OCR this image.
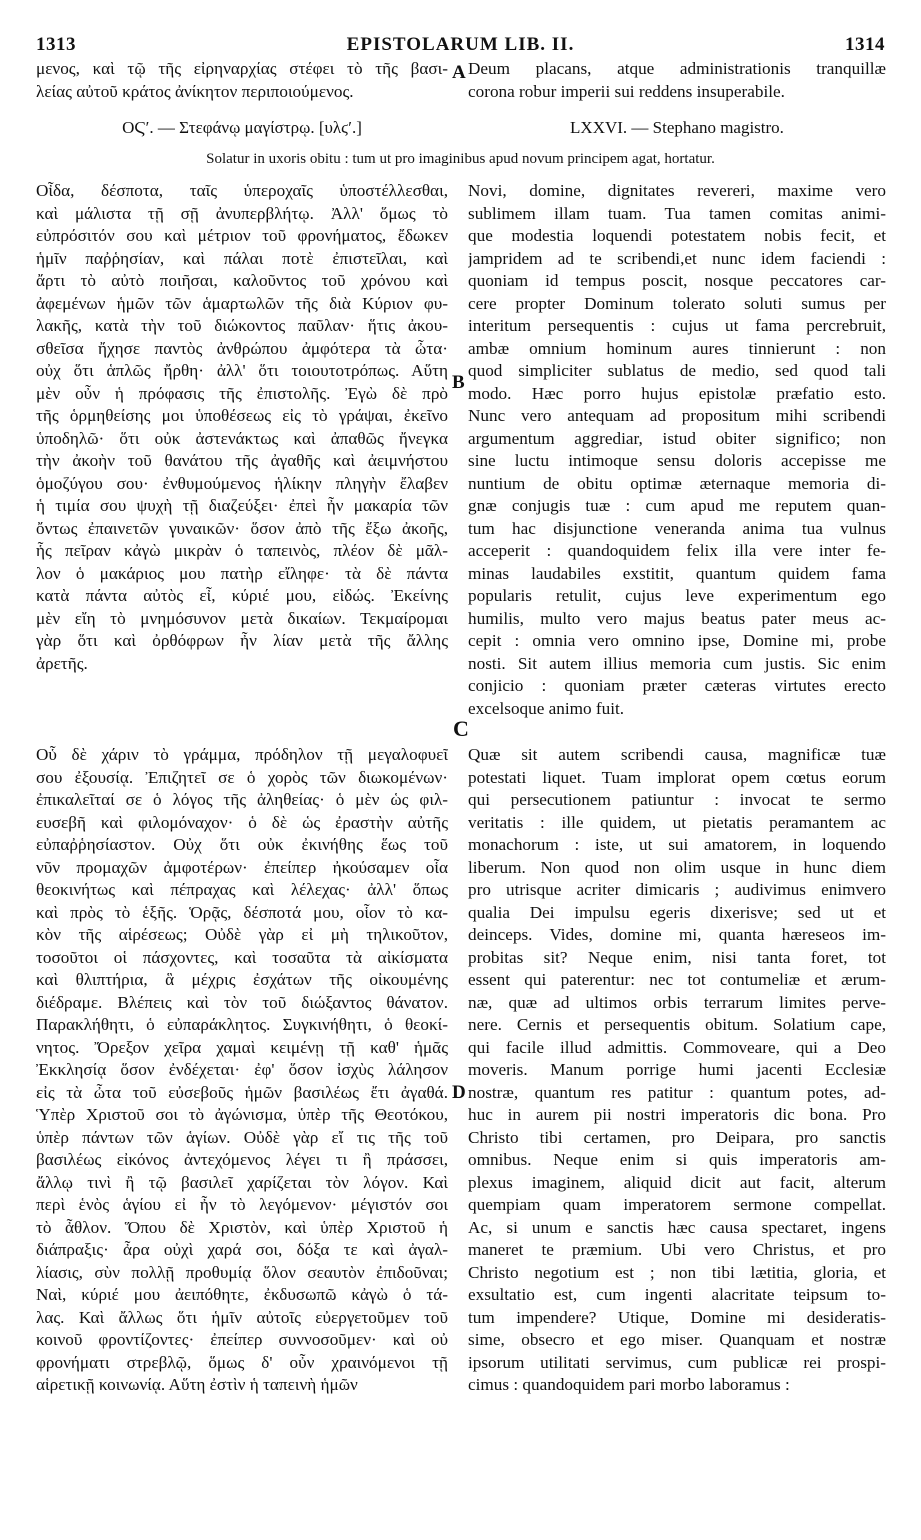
1313	EPISTOLARUM LIB. II.	1314
μενος, καὶ τῷ τῆς εἰρηναρχίας στέφει τὸ τῆς βασι-
λείας αὐτοῦ κράτος ἀνίκητον περιποιούμενος.
A Deum placans, atque administrationis tranquillæ
corona robur imperii sui reddens insuperabile.
ΟϚʹ. — Στεφάνῳ μαγίστρῳ. [υλϛʹ.]	LXXVI. — Stephano magistro.
Solatur in uxoris obitu : tum ut pro imaginibus apud novum principem agat, hortatur.
Οἶδα, δέσποτα, ταῖς ὑπεροχαῖς ὑποστέλλεσθαι,
καὶ μάλιστα τῇ σῇ ἀνυπερβλήτῳ. Ἀλλ' ὅμως τὸ
εὐπρόσιτόν σου καὶ μέτριον τοῦ φρονήματος, ἔδωκεν
ἡμῖν παῤῥησίαν, καὶ πάλαι ποτὲ ἐπιστεῖλαι, καὶ
ἄρτι τὸ αὐτὸ ποιῆσαι, καλοῦντος τοῦ χρόνου καὶ
ἀφεμένων ἡμῶν τῶν ἁμαρτωλῶν τῆς διὰ Κύριον φυ-
λακῆς, κατὰ τὴν τοῦ διώκοντος παῦλαν· ἥτις ἀκου-
σθεῖσα ἤχησε παντὸς ἀνθρώπου ἀμφότερα τὰ ὦτα·
οὐχ ὅτι ἁπλῶς ἤρθη· ἀλλ' ὅτι τοιουτοτρόπως. Αὕτη
μὲν οὖν ἡ πρόφασις τῆς ἐπιστολῆς. Ἐγὼ δὲ πρὸ
τῆς ὁρμηθείσης μοι ὑποθέσεως εἰς τὸ γράψαι, ἐκεῖνο
ὑποδηλῶ· ὅτι οὐκ ἀστενάκτως καὶ ἀπαθῶς ἤνεγκα
τὴν ἀκοὴν τοῦ θανάτου τῆς ἀγαθῆς καὶ ἀειμνήστου
ὁμοζύγου σου· ἐνθυμούμενος ἡλίκην πληγὴν ἔλαβεν
ἡ τιμία σου ψυχὴ τῇ διαζεύξει· ἐπεὶ ἦν μακαρία τῶν
ὄντως ἐπαινετῶν γυναικῶν· ὅσον ἀπὸ τῆς ἔξω ἀκοῆς,
ἧς πεῖραν κἀγὼ μικρὰν ὁ ταπεινὸς, πλέον δὲ μᾶλ-
λον ὁ μακάριος μου πατὴρ εἴληφε· τὰ δὲ πάντα
κατὰ πάντα αὐτὸς εἶ, κύριέ μου, εἰδώς. Ἐκείνης
μὲν εἴη τὸ μνημόσυνον μετὰ δικαίων. Τεκμαίρομαι
γὰρ ὅτι καὶ ὀρθόφρων ἦν λίαν μετὰ τῆς ἄλλης
ἀρετῆς.
B
Novi, domine, dignitates revereri, maxime vero
sublimem illam tuam. Tua tamen comitas animi-
que modestia loquendi potestatem nobis fecit, et
jampridem ad te scribendi,et nunc idem faciendi :
quoniam id tempus poscit, nosque peccatores car-
cere propter Dominum tolerato soluti sumus per
interitum persequentis : cujus ut fama percrebruit,
ambæ omnium hominum aures tinnierunt : non
quod simpliciter sublatus de medio, sed quod tali
modo. Hæc porro hujus epistolæ præfatio esto.
Nunc vero antequam ad propositum mihi scribendi
argumentum aggrediar, istud obiter significo; non
sine luctu intimoque sensu doloris accepisse me
nuntium de obitu optimæ æternaque memoria di-
gnæ conjugis tuæ : cum apud me reputem quan-
tum hac disjunctione veneranda anima tua vulnus
acceperit : quandoquidem felix illa vere inter fe-
minas laudabiles exstitit, quantum quidem fama
popularis retulit, cujus leve experimentum ego
humilis, multo vero majus beatus pater meus ac-
cepit : omnia vero omnino ipse, Domine mi, probe
nosti. Sit autem illius memoria cum justis. Sic enim
conjicio : quoniam præter cæteras virtutes erecto
excelsoque animo fuit.
C
Οὗ δὲ χάριν τὸ γράμμα, πρόδηλον τῇ μεγαλοφυεῖ
σου ἐξουσίᾳ. Ἐπιζητεῖ σε ὁ χορὸς τῶν διωκομένων·
ἐπικαλεῖταί σε ὁ λόγος τῆς ἀληθείας· ὁ μὲν ὡς φιλ-
ευσεβῆ καὶ φιλομόναχον· ὁ δὲ ὡς ἐραστὴν αὐτῆς
εὐπαῤῥησίαστον. Οὐχ ὅτι οὐκ ἐκινήθης ἕως τοῦ
νῦν προμαχῶν ἀμφοτέρων· ἐπείπερ ἠκούσαμεν οἷα
θεοκινήτως καὶ πέπραχας καὶ λέλεχας· ἀλλ' ὅπως
καὶ πρὸς τὸ ἑξῆς. Ὁρᾷς, δέσποτά μου, οἷον τὸ κα-
κὸν τῆς αἱρέσεως; Οὐδὲ γὰρ εἰ μὴ τηλικοῦτον,
τοσοῦτοι οἱ πάσχοντες, καὶ τοσαῦτα τὰ αἰκίσματα
καὶ θλιπτήρια, ἃ μέχρις ἐσχάτων τῆς οἰκουμένης
διέδραμε. Βλέπεις καὶ τὸν τοῦ διώξαντος θάνατον.
Παρακλήθητι, ὁ εὐπαράκλητος. Συγκινήθητι, ὁ θεοκί-
νητος. Ὄρεξον χεῖρα χαμαὶ κειμένῃ τῇ καθ' ἡμᾶς
Ἐκκλησίᾳ ὅσον ἐνδέχεται· ἐφ' ὅσον ἰσχὺς λάλησον
εἰς τὰ ὦτα τοῦ εὐσεβοῦς ἡμῶν βασιλέως ἔτι ἀγαθά.
Ὑπὲρ Χριστοῦ σοι τὸ ἀγώνισμα, ὑπὲρ τῆς Θεοτόκου,
ὑπὲρ πάντων τῶν ἁγίων. Οὐδὲ γὰρ εἴ τις τῆς τοῦ
βασιλέως εἰκόνος ἀντεχόμενος λέγει τι ἢ πράσσει,
ἄλλῳ τινὶ ἢ τῷ βασιλεῖ χαρίζεται τὸν λόγον. Καὶ
περὶ ἑνὸς ἁγίου εἰ ἦν τὸ λεγόμενον· μέγιστόν σοι
τὸ ἆθλον. Ὅπου δὲ Χριστὸν, καὶ ὑπὲρ Χριστοῦ ἡ
διάπραξις· ἆρα οὐχὶ χαρά σοι, δόξα τε καὶ ἀγαλ-
λίασις, σὺν πολλῇ προθυμίᾳ ὅλον σεαυτὸν ἐπιδοῦναι;
Ναὶ, κύριέ μου ἀειπόθητε, ἐκδυσωπῶ κἀγὼ ὁ τά-
λας. Καὶ ἄλλως ὅτι ἡμῖν αὐτοῖς εὐεργετοῦμεν τοῦ
κοινοῦ φροντίζοντες· ἐπείπερ συννοσοῦμεν· καὶ οὐ
φρονήματι στρεβλῷ, ὅμως δ' οὖν χραινόμενοι τῇ
αἱρετικῇ κοινωνίᾳ. Αὕτη ἐστὶν ἡ ταπεινὴ ἡμῶν
Quæ sit autem scribendi causa, magnificæ tuæ
potestati liquet. Tuam implorat opem cœtus eorum
qui persecutionem patiuntur : invocat te sermo
veritatis : ille quidem, ut pietatis peramantem ac
monachorum : iste, ut sui amatorem, in loquendo
liberum. Non quod non olim usque in hunc diem
pro utrisque acriter dimicaris ; audivimus enimvero
qualia Dei impulsu egeris dixerisve; sed ut et
deinceps. Vides, domine mi, quanta hæreseos im-
probitas sit? Neque enim, nisi tanta foret, tot
essent qui paterentur: nec tot contumeliæ et ærum-
næ, quæ ad ultimos orbis terrarum limites perve-
nere. Cernis et persequentis obitum. Solatium cape,
qui facile illud admittis. Commoveare, qui a Deo
moveris. Manum porrige humi jacenti Ecclesiæ
nostræ, quantum res patitur : quantum potes, ad-
huc in aurem pii nostri imperatoris dic bona. Pro
Christo tibi certamen, pro Deipara, pro sanctis
omnibus. Neque enim si quis imperatoris am-
plexus imaginem, aliquid dicit aut facit, alterum
quempiam quam imperatorem sermone compellat.
Ac, si unum e sanctis hæc causa spectaret, ingens
maneret te præmium. Ubi vero Christus, et pro
Christo negotium est ; non tibi lætitia, gloria, et
exsultatio est, cum ingenti alacritate teipsum to-
tum impendere? Utique, Domine mi desideratis-
sime, obsecro et ego miser. Quanquam et nostræ
ipsorum utilitati servimus, cum publicæ rei prospi-
cimus : quandoquidem pari morbo laboramus :
D
